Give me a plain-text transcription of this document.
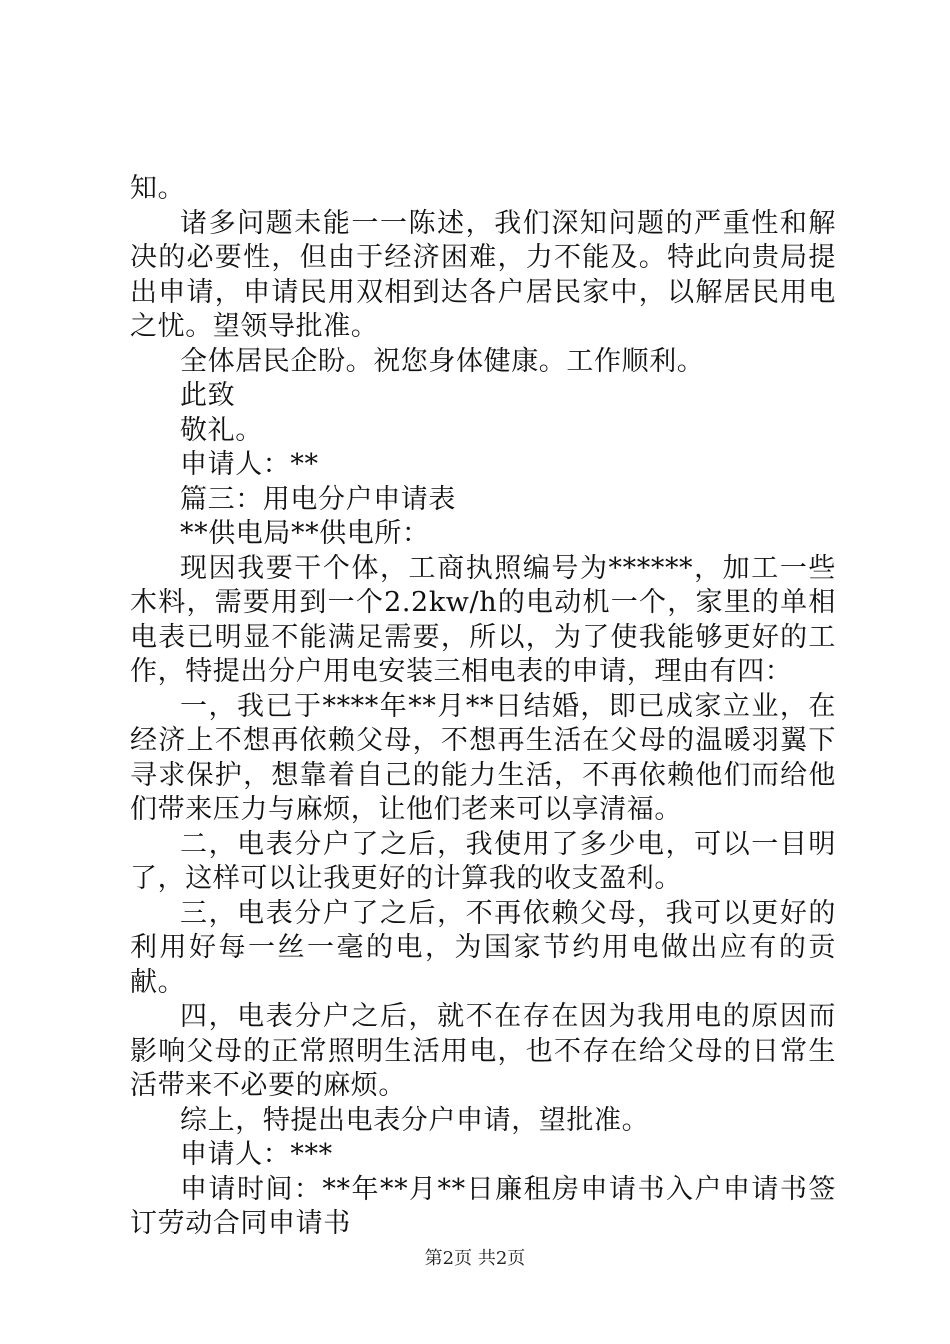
知。

诸多问题未能一一陈述，我们深知问题的严重性和解决的必要性，但由于经济困难，力不能及。特此向贵局提出申请，申请民用双相到达各户居民家中，以解居民用电之忧。望领导批准。

全体居民企盼。祝您身体健康。工作顺利。

此致

敬礼。

申请人：**

篇三：用电分户申请表

**供电局**供电所：

现因我要干个体，工商执照编号为******，加工一些木料，需要用到一个2.2kw/h的电动机一个，家里的单相电表已明显不能满足需要，所以，为了使我能够更好的工作，特提出分户用电安装三相电表的申请，理由有四：

一，我已于****年**月**日结婚，即已成家立业，在经济上不想再依赖父母，不想再生活在父母的温暖羽翼下寻求保护，想靠着自己的能力生活，不再依赖他们而给他们带来压力与麻烦，让他们老来可以享清福。

二，电表分户了之后，我使用了多少电，可以一目明了，这样可以让我更好的计算我的收支盈利。

三，电表分户了之后，不再依赖父母，我可以更好的利用好每一丝一毫的电，为国家节约用电做出应有的贡献。

四，电表分户之后，就不在存在因为我用电的原因而影响父母的正常照明生活用电，也不存在给父母的日常生活带来不必要的麻烦。

综上，特提出电表分户申请，望批准。

申请人：***

申请时间：**年**月**日廉租房申请书入户申请书签订劳动合同申请书

第2页 共2页
